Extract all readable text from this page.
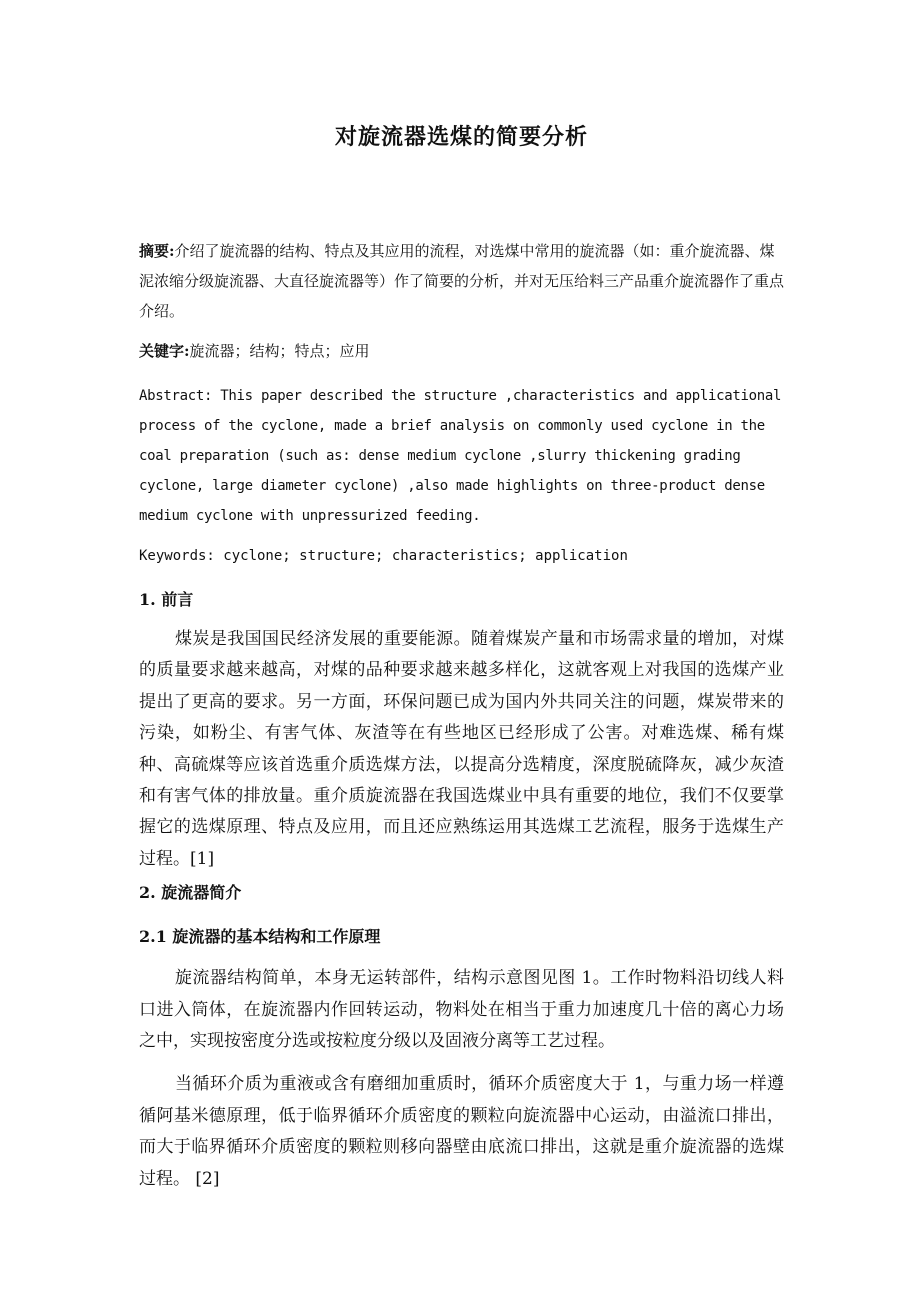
对旋流器选煤的简要分析

摘要:介绍了旋流器的结构、特点及其应用的流程，对选煤中常用的旋流器（如：重介旋流器、煤泥浓缩分级旋流器、大直径旋流器等）作了简要的分析，并对无压给料三产品重介旋流器作了重点介绍。

关键字:旋流器；结构；特点；应用

Abstract: This paper described the structure ,characteristics and applicational process of the cyclone, made a brief analysis on commonly used cyclone in the coal preparation (such as: dense medium cyclone ,slurry thickening grading cyclone, large diameter cyclone) ,also made highlights on three-product dense medium cyclone with unpressurized feeding.

Keywords: cyclone; structure; characteristics; application

1. 前言

煤炭是我国国民经济发展的重要能源。随着煤炭产量和市场需求量的增加，对煤的质量要求越来越高，对煤的品种要求越来越多样化，这就客观上对我国的选煤产业提出了更高的要求。另一方面，环保问题已成为国内外共同关注的问题，煤炭带来的污染，如粉尘、有害气体、灰渣等在有些地区已经形成了公害。对难选煤、稀有煤种、高硫煤等应该首选重介质选煤方法，以提高分选精度，深度脱硫降灰，减少灰渣和有害气体的排放量。重介质旋流器在我国选煤业中具有重要的地位，我们不仅要掌握它的选煤原理、特点及应用，而且还应熟练运用其选煤工艺流程，服务于选煤生产过程。[1]

2. 旋流器简介
2.1 旋流器的基本结构和工作原理

旋流器结构简单，本身无运转部件，结构示意图见图 1。工作时物料沿切线人料口进入筒体，在旋流器内作回转运动，物料处在相当于重力加速度几十倍的离心力场之中，实现按密度分选或按粒度分级以及固液分离等工艺过程。

当循环介质为重液或含有磨细加重质时，循环介质密度大于 1，与重力场一样遵循阿基米德原理，低于临界循环介质密度的颗粒向旋流器中心运动，由溢流口排出，而大于临界循环介质密度的颗粒则移向器壁由底流口排出，这就是重介旋流器的选煤过程。 [2]
